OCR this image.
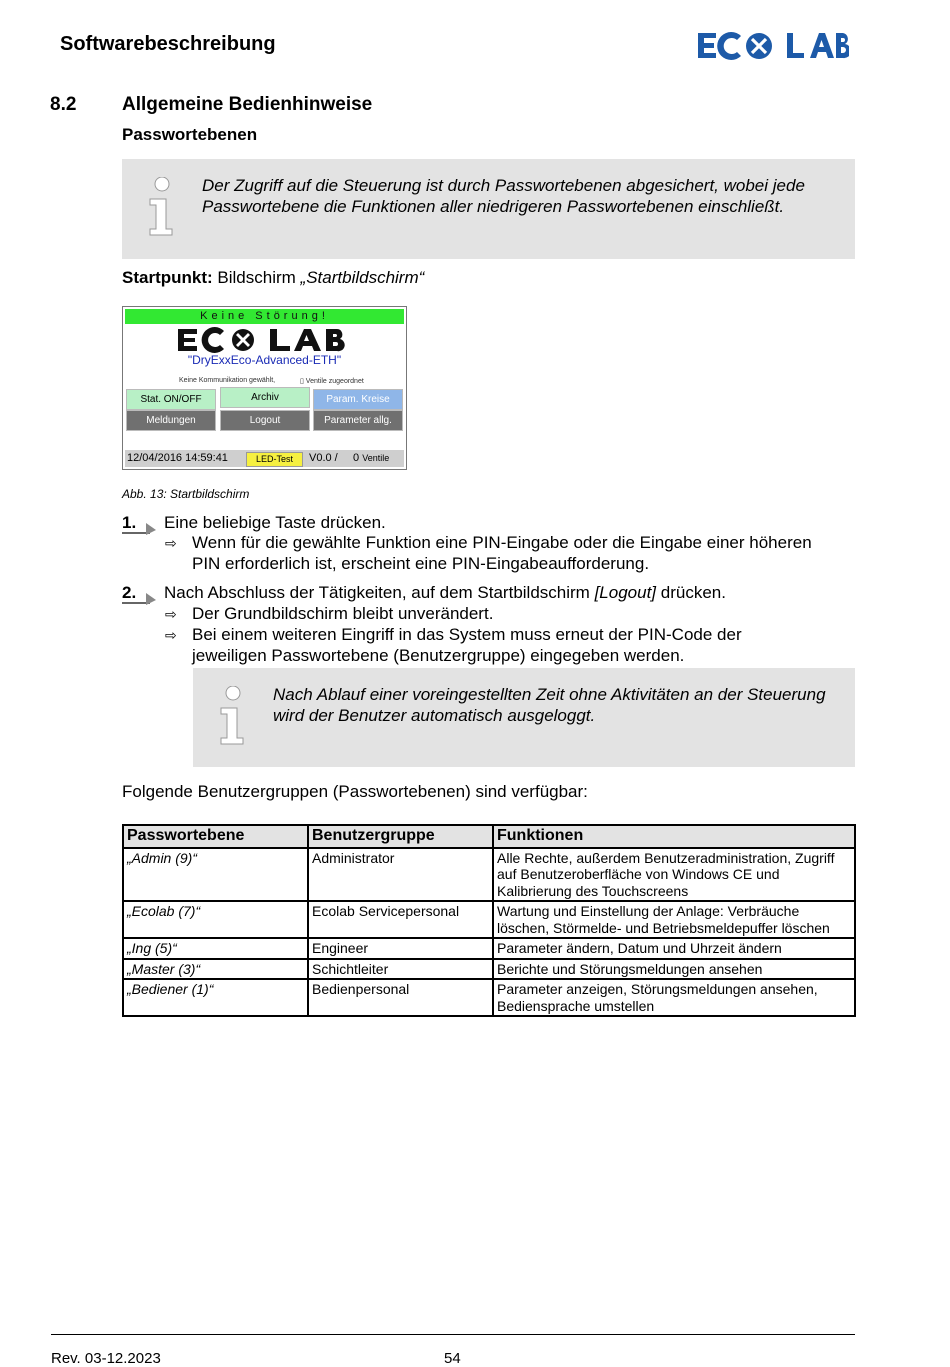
Softwarebeschreibung
8.2 Allgemeine Bedienhinweise
Passwortebenen
Der Zugriff auf die Steuerung ist durch Passwortebenen abgesichert, wobei jede Passwortebene die Funktionen aller niedrigeren Passwortebenen einschließt.
Startpunkt: Bildschirm „Startbildschirm“
Keine Störung!
"DryExxEco-Advanced-ETH"
Keine Kommunikation gewählt,	▯ Ventile zugeordnet
Stat. ON/OFF	Archiv	Param. Kreise
Meldungen	Logout	Parameter allg.
12/04/2016 14:59:41	LED-Test	V0.0 / 0 Ventile
Abb. 13: Startbildschirm
1. Eine beliebige Taste drücken.
⇨ Wenn für die gewählte Funktion eine PIN-Eingabe oder die Eingabe einer höheren PIN erforderlich ist, erscheint eine PIN-Eingabeaufforderung.
2. Nach Abschluss der Tätigkeiten, auf dem Startbildschirm [Logout] drücken.
⇨ Der Grundbildschirm bleibt unverändert.
⇨ Bei einem weiteren Eingriff in das System muss erneut der PIN-Code der jeweiligen Passwortebene (Benutzergruppe) eingegeben werden.
Nach Ablauf einer voreingestellten Zeit ohne Aktivitäten an der Steuerung wird der Benutzer automatisch ausgeloggt.
Folgende Benutzergruppen (Passwortebenen) sind verfügbar:
Passwortebene	Benutzergruppe	Funktionen
„Admin (9)“	Administrator	Alle Rechte, außerdem Benutzeradministration, Zugriff auf Benutzeroberfläche von Windows CE und Kalibrierung des Touchscreens
„Ecolab (7)“	Ecolab Servicepersonal	Wartung und Einstellung der Anlage: Verbräuche löschen, Störmelde- und Betriebsmeldepuffer löschen
„Ing (5)“	Engineer	Parameter ändern, Datum und Uhrzeit ändern
„Master (3)“	Schichtleiter	Berichte und Störungsmeldungen ansehen
„Bediener (1)“	Bedienpersonal	Parameter anzeigen, Störungsmeldungen ansehen, Bediensprache umstellen
Rev. 03-12.2023	54
